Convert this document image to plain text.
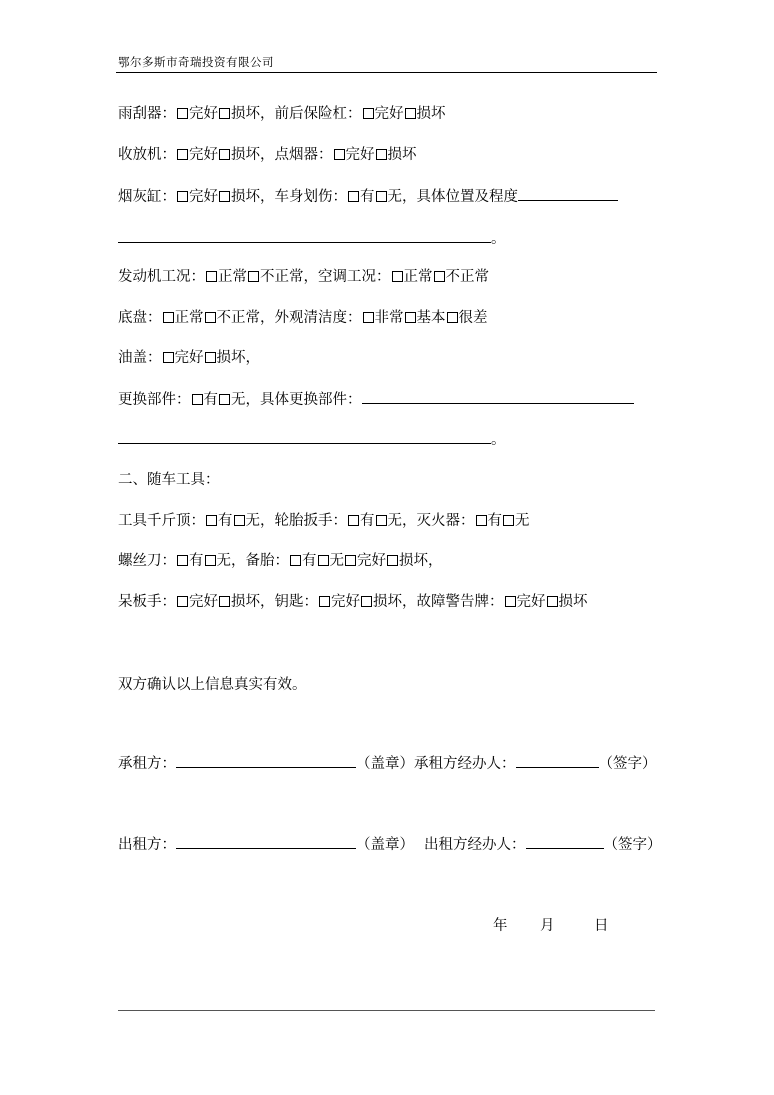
鄂尔多斯市奇瑞投资有限公司
雨刮器： 完好 损坏，前后保险杠： 完好 损坏
收放机： 完好 损坏，点烟器： 完好 损坏
烟灰缸： 完好 损坏，车身划伤： 有 无，具体位置及程度
。
发动机工况： 正常 不正常，空调工况： 正常 不正常
底盘： 正常 不正常，外观清洁度： 非常 基本 很差
油盖： 完好 损坏，
更换部件： 有 无，具体更换部件：
。
二、随车工具：
工具千斤顶： 有 无，轮胎扳手： 有 无，灭火器： 有 无
螺丝刀： 有 无，备胎： 有 无 完好 损坏，
呆板手： 完好 损坏，钥匙： 完好 损坏，故障警告牌： 完好 损坏
双方确认以上信息真实有效。
承租方：	（盖章）承租方经办人：	（签字）
出租方：	（盖章） 出租方经办人：	（签字）
年 月	日
